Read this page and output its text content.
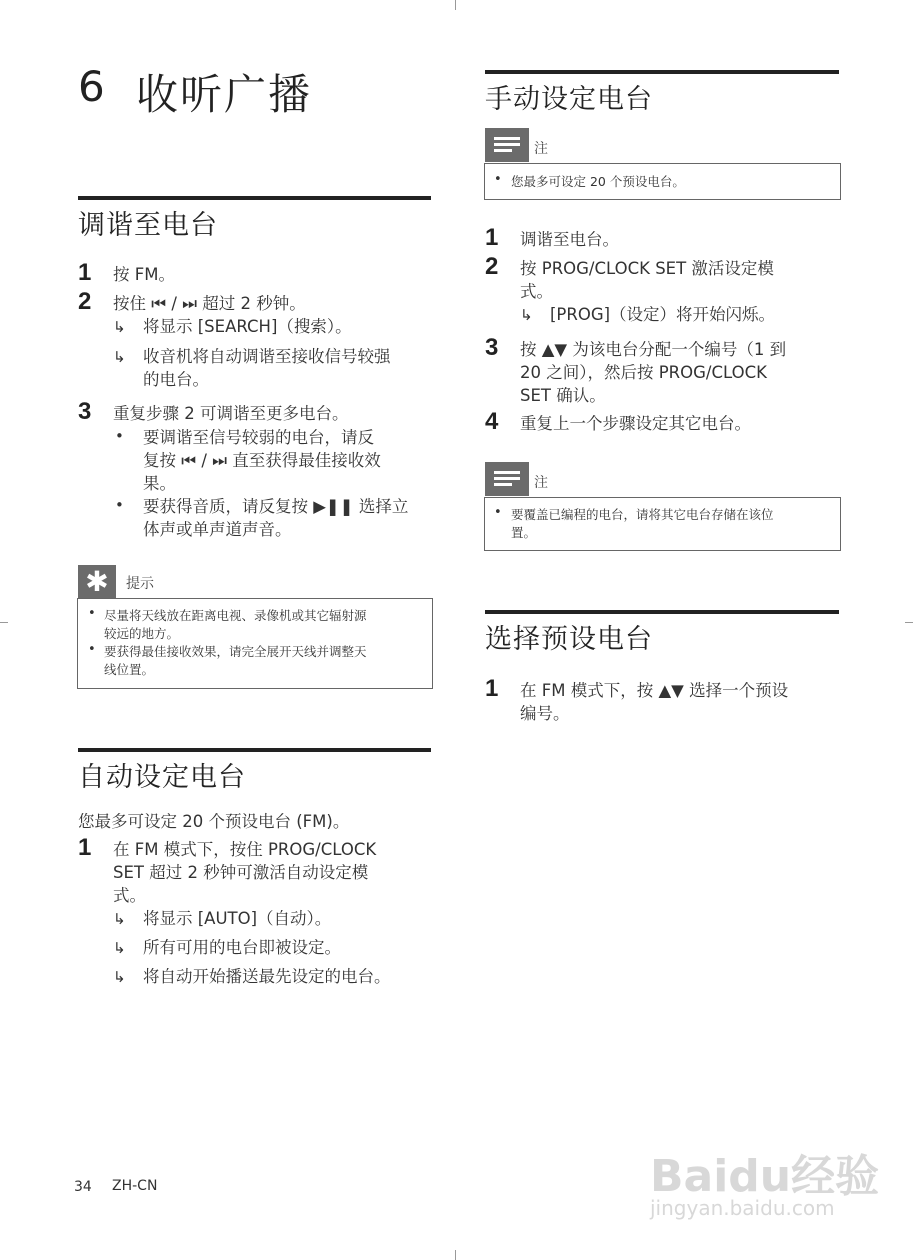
6 收听广播
调谐至电台
1 按 FM。
2 按住 ⏮ / ⏭ 超过 2 秒钟。
↳ 将显示 [SEARCH]（搜索）。
↳ 收音机将自动调谐至接收信号较强
的电台。
3 重复步骤 2 可调谐至更多电台。
• 要调谐至信号较弱的电台，请反
复按 ⏮ / ⏭ 直至获得最佳接收效
果。
• 要获得音质，请反复按 ▶❚❚ 选择立
体声或单声道声音。
✱	提示
• 尽量将天线放在距离电视、录像机或其它辐射源
较远的地方。
• 要获得最佳接收效果，请完全展开天线并调整天
线位置。
自动设定电台
您最多可设定 20 个预设电台 (FM)。
1 在 FM 模式下，按住 PROG/CLOCK
SET 超过 2 秒钟可激活自动设定模
式。
↳ 将显示 [AUTO]（自动）。
↳ 所有可用的电台即被设定。
↳ 将自动开始播送最先设定的电台。
手动设定电台
注
• 您最多可设定 20 个预设电台。
1 调谐至电台。
2 按 PROG/CLOCK SET 激活设定模
式。
↳ [PROG]（设定）将开始闪烁。
3 按 ▲▼ 为该电台分配一个编号（1 到
20 之间），然后按 PROG/CLOCK
SET 确认。
4 重复上一个步骤设定其它电台。
注
• 要覆盖已编程的电台，请将其它电台存储在该位
置。
选择预设电台
1 在 FM 模式下，按 ▲▼ 选择一个预设
编号。
34 ZH-CN	Baidu经验
jingyan.baidu.com
